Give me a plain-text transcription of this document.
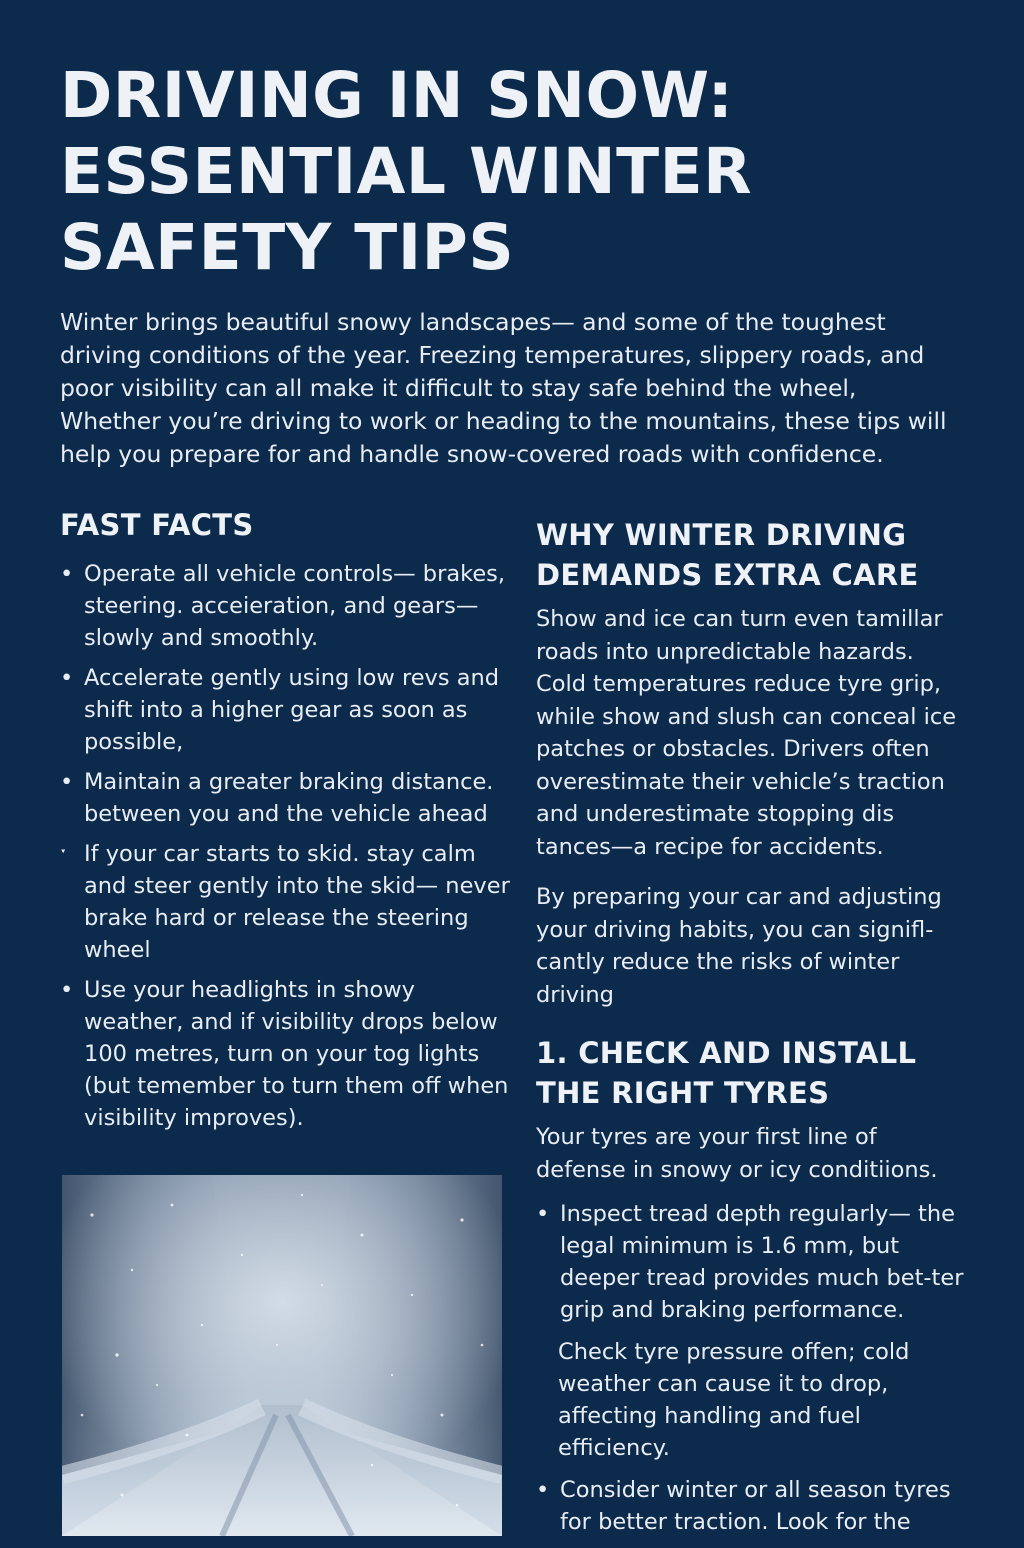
DRIVING IN SNOW:
ESSENTIAL WINTER
SAFETY TIPS

Winter brings beautiful snowy landscapes— and some of the toughest driving conditions of the year. Freezing temperatures, slippery roads, and poor visibility can all make it difficult to stay safe behind the wheel, Whether you’re driving to work or heading to the mountains, these tips will help you prepare for and handle snow-covered roads with confidence.

FAST FACTS
• Operate all vehicle controls— brakes, steering. acceieration, and gears— slowly and smoothly.
• Accelerate gently using low revs and shift into a higher gear as soon as possible,
• Maintain a greater braking distance. between you and the vehicle ahead
ˑ If your car starts to skid. stay calm and steer gently into the skid— never brake hard or release the steering wheel
• Use your headlights in showy weather, and if visibility drops below 100 metres, turn on your tog lights (but temember to turn them off when visibility improves).
WHY WINTER DRIVING
DEMANDS EXTRA CARE

Show and ice can turn even tamillar roads into unpredictable hazards. Cold temperatures reduce tyre grip, while show and slush can conceal ice patches or obstacles. Drivers often overestimate their vehicle’s traction and underestimate stopping dis tances—a recipe for accidents.

By preparing your car and adjusting your driving habits, you can signifl-cantly reduce the risks of winter driving

1. CHECK AND INSTALL
THE RIGHT TYRES

Your tyres are your first line of defense in snowy or icy conditiions.

• Inspect tread depth regularly— the legal minimum is 1.6 mm, but deeper tread provides much bet-ter grip and braking performance.
Check tyre pressure offen; cold weather can cause it to drop, affecting handling and fuel efficiency.
• Consider winter or all season tyres for better traction. Look for the
